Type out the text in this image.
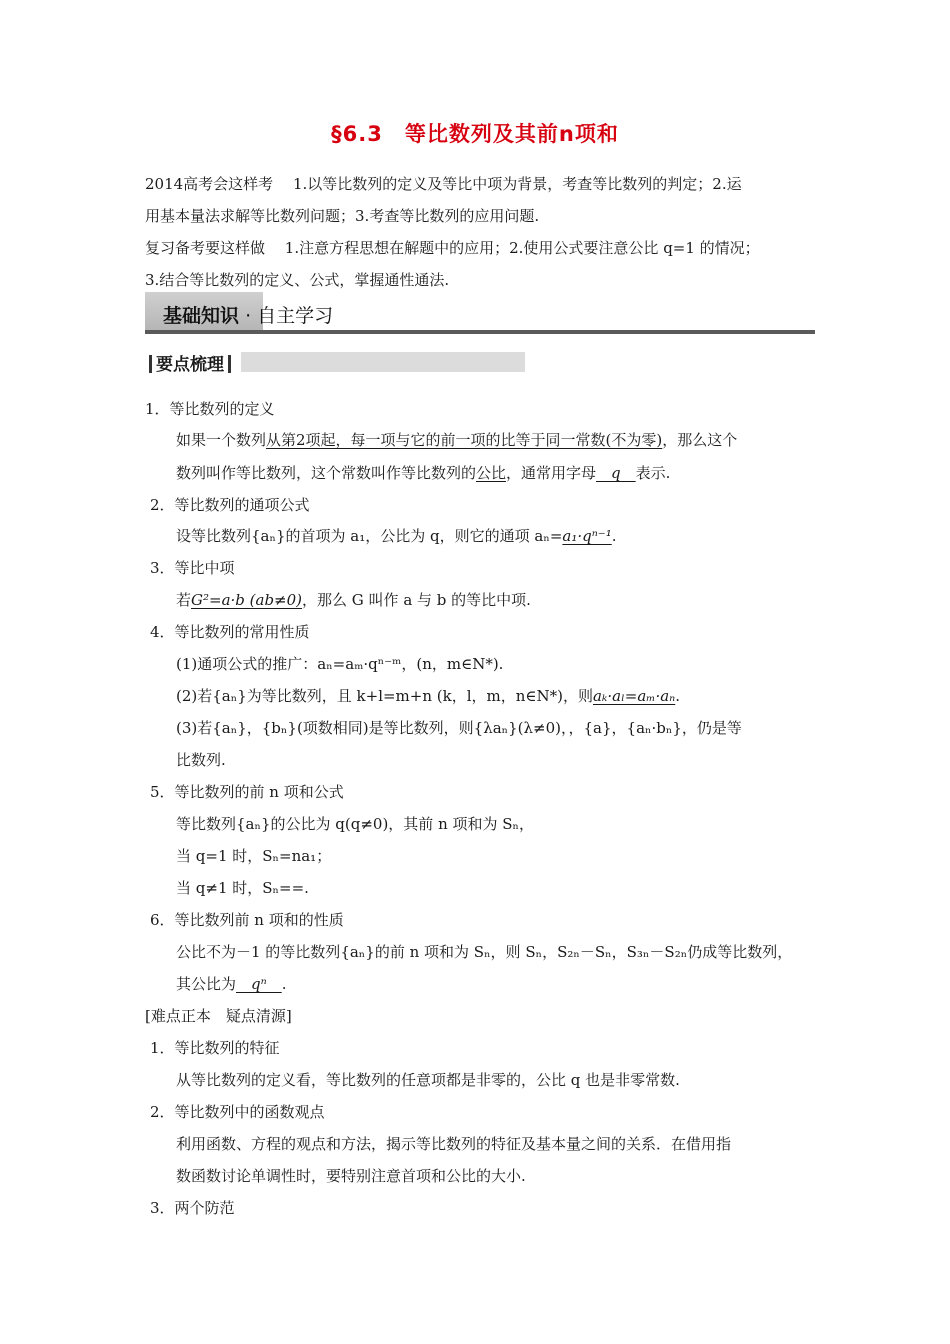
§6.3　等比数列及其前n项和
2014高考会这样考　 1.以等比数列的定义及等比中项为背景，考查等比数列的判定；2.运
用基本量法求解等比数列问题；3.考查等比数列的应用问题.
复习备考要这样做　 1.注意方程思想在解题中的应用；2.使用公式要注意公比 q=1 的情况；
3.结合等比数列的定义、公式，掌握通性通法.
基础知识 · 自主学习
要点梳理
1．等比数列的定义
如果一个数列从第2项起，每一项与它的前一项的比等于同一常数(不为零)，那么这个
数列叫作等比数列，这个常数叫作等比数列的公比，通常用字母　q　表示.
2．等比数列的通项公式
设等比数列{aₙ}的首项为 a₁，公比为 q，则它的通项 aₙ=a₁·qⁿ⁻¹.
3．等比中项
若G²=a·b (ab≠0)，那么 G 叫作 a 与 b 的等比中项.
4．等比数列的常用性质
(1)通项公式的推广：aₙ=aₘ·qⁿ⁻ᵐ，(n，m∈N*).
(2)若{aₙ}为等比数列，且 k+l=m+n (k，l，m，n∈N*)，则aₖ·aₗ=aₘ·aₙ.
(3)若{aₙ}，{bₙ}(项数相同)是等比数列，则{λaₙ}(λ≠0)，，{a}，{aₙ·bₙ}，仍是等
比数列.
5．等比数列的前 n 项和公式
等比数列{aₙ}的公比为 q(q≠0)，其前 n 项和为 Sₙ，
当 q=1 时，Sₙ=na₁；
当 q≠1 时，Sₙ==.
6．等比数列前 n 项和的性质
公比不为－1 的等比数列{aₙ}的前 n 项和为 Sₙ，则 Sₙ，S₂ₙ－Sₙ，S₃ₙ－S₂ₙ仍成等比数列，
其公比为　qⁿ　.
[难点正本　疑点清源]
1．等比数列的特征
从等比数列的定义看，等比数列的任意项都是非零的，公比 q 也是非零常数.
2．等比数列中的函数观点
利用函数、方程的观点和方法，揭示等比数列的特征及基本量之间的关系．在借用指
数函数讨论单调性时，要特别注意首项和公比的大小.
3．两个防范
